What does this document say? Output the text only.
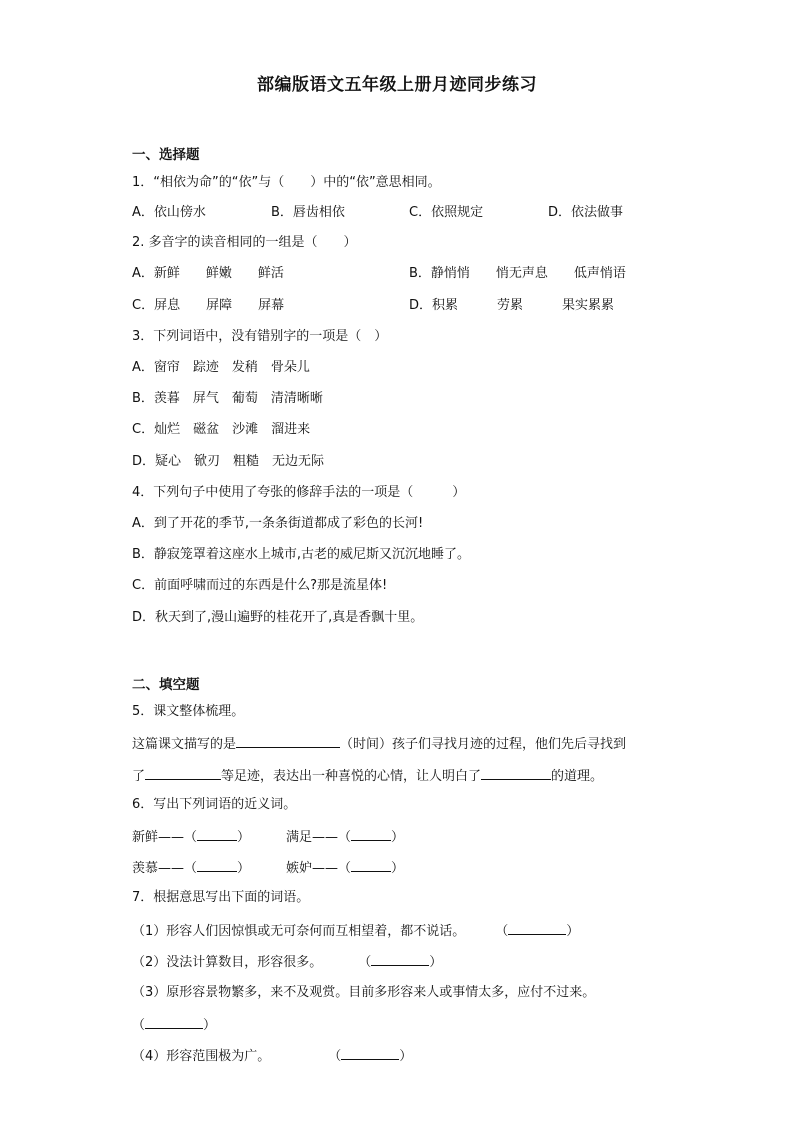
部编版语文五年级上册月迹同步练习
一、选择题
1．“相依为命”的“依”与（　　）中的“依”意思相同。
A．依山傍水	B．唇齿相依	C．依照规定	D．依法做事
2. 多音字的读音相同的一组是（　　）
A．新鲜　　鲜嫩　　鲜活	B．静悄悄　　悄无声息　　低声悄语
C．屏息　　屏障　　屏幕	D．积累　　　劳累　　　果实累累
3．下列词语中，没有错别字的一项是（　）
A．窗帘　踪迹　发稍　骨朵儿
B．羡暮　屏气　葡萄　清清晰晰
C．灿烂　磁盆　沙滩　溜进来
D．疑心　锨刃　粗糙　无边无际
4．下列句子中使用了夸张的修辞手法的一项是（　　　）
A．到了开花的季节,一条条街道都成了彩色的长河!
B．静寂笼罩着这座水上城市,古老的威尼斯又沉沉地睡了。
C．前面呼啸而过的东西是什么?那是流星体!
D．秋天到了,漫山遍野的桂花开了,真是香飘十里。
二、填空题
5．课文整体梳理。
这篇课文描写的是	（时间）孩子们寻找月迹的过程，他们先后寻找到
了	等足迹，表达出一种喜悦的心情，让人明白了	的道理。
6．写出下列词语的近义词。
新鲜——（	）	满足——（	）
羡慕——（	）	嫉妒——（	）
7．根据意思写出下面的词语。
（1）形容人们因惊惧或无可奈何而互相望着，都不说话。 （	）
（2）没法计算数目，形容很多。	（	）
（3）原形容景物繁多，来不及观赏。目前多形容来人或事情太多，应付不过来。
（	）
（4）形容范围极为广。	（	）
